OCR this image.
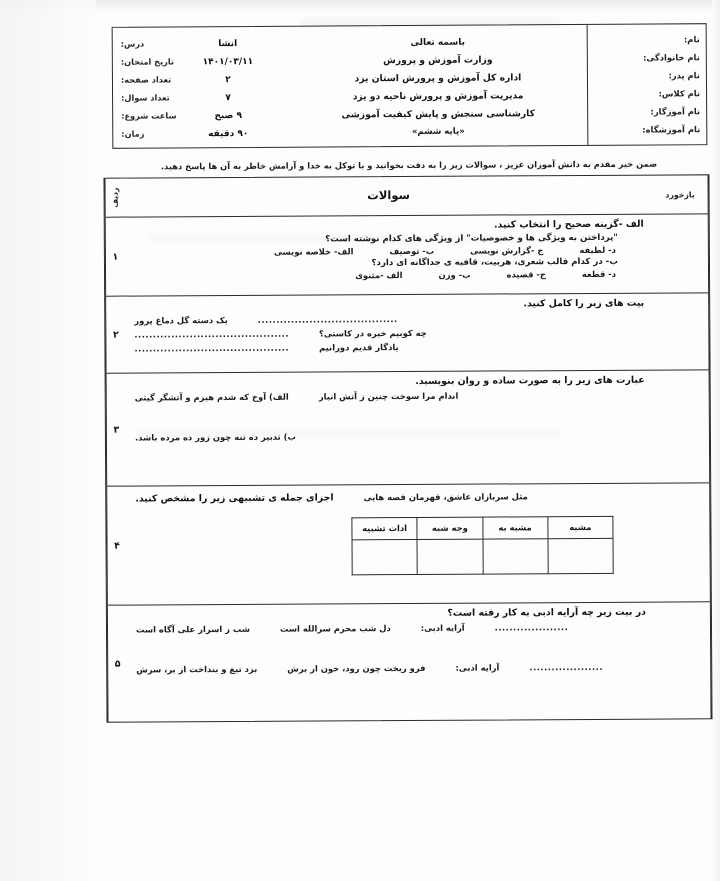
نام:
نام خانوادگی:
نام پدر:
نام کلاس:
نام آموزگار:
نام آموزشگاه:
باسمه تعالی
وزارت آموزش و پرورش
اداره کل آموزش و پرورش استان یزد
مدیریت آموزش و پرورش ناحیه دو یزد
کارشناسی سنجش و پایش کیفیت آموزشی
«پایه ششم»
درس:	انشا
تاریخ امتحان:	۱۴۰۱/۰۳/۱۱
تعداد صفحه:	۲
تعداد سوال:	۷
ساعت شروع:	۹ صبح
زمان:	۹۰ دقیقه
ضمن خیر مقدم به دانش آموزان عزیز ، سوالات زیر را به دقت بخوانید و با توکل به خدا و آرامش خاطر به آن ها پاسخ دهید.
ردیف	سوالات	بازخورد
۱
الف -گزینه صحیح را انتخاب کنید.
"پرداختن به ویژگی ها و خصوصیات" از ویژگی های کدام نوشته است؟
د- لطیفه
ج -گزارش نویسی
ب- توصیف
الف- خلاصه نویسی
ب- در کدام قالب شعری، هربیت، قافیه ی جداگانه ای دارد؟
د- قطعه
ج- قصیده
ب- وزن
الف -مثنوی
۲
بیت های زیر را کامل کنید.
یک دسته گل دماغ پرور	......................................
..........................................	چه کوبیم خیره در کاستی؟
..........................................	یادگار قدیم دورانیم
۳
عبارت های زیر را به صورت ساده و روان بنویسید.
الف) آوخ که شدم هیزم و آتشگر گیتی	اندام مرا سوخت چنین ز آتش انبار
ب) تدبیر ده تنه چون زور ده مرده باشد.
۴
اجزای جمله ی تشبیهی زیر را مشخص کنید.	مثل سربازان عاشق، قهرمان قصه هایی
مشبه	مشبه به	وجه شبه	ادات تشبیه

۵
در بیت زیر چه آرایه ادبی به کار رفته است؟
شب ز اسرار علی آگاه است	دل شب محرم سرالله است	آرایه ادبی:	....................
بزد تیغ و بنداخت از بر، سرش	فرو ریخت چون رود، خون از برش	آرایه ادبی:	....................
